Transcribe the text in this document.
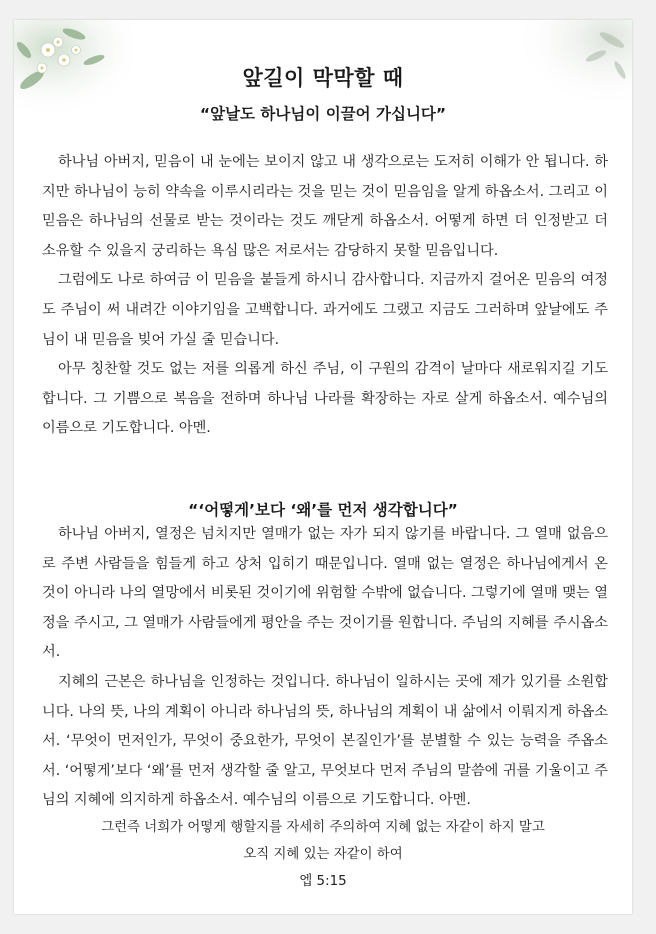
앞길이 막막할 때
“앞날도 하나님이 이끌어 가십니다”

하나님 아버지, 믿음이 내 눈에는 보이지 않고 내 생각으로는 도저히 이해가 안 됩니다. 하지만 하나님이 능히 약속을 이루시리라는 것을 믿는 것이 믿음임을 알게 하옵소서. 그리고 이 믿음은 하나님의 선물로 받는 것이라는 것도 깨닫게 하옵소서. 어떻게 하면 더 인정받고 더 소유할 수 있을지 궁리하는 욕심 많은 저로서는 감당하지 못할 믿음입니다.

그럼에도 나로 하여금 이 믿음을 붙들게 하시니 감사합니다. 지금까지 걸어온 믿음의 여정도 주님이 써 내려간 이야기임을 고백합니다. 과거에도 그랬고 지금도 그러하며 앞날에도 주님이 내 믿음을 빚어 가실 줄 믿습니다.

아무 칭찬할 것도 없는 저를 의롭게 하신 주님, 이 구원의 감격이 날마다 새로워지길 기도합니다. 그 기쁨으로 복음을 전하며 하나님 나라를 확장하는 자로 살게 하옵소서. 예수님의 이름으로 기도합니다. 아멘.

“‘어떻게’보다 ‘왜’를 먼저 생각합니다”

하나님 아버지, 열정은 넘치지만 열매가 없는 자가 되지 않기를 바랍니다. 그 열매 없음으로 주변 사람들을 힘들게 하고 상처 입히기 때문입니다. 열매 없는 열정은 하나님에게서 온 것이 아니라 나의 열망에서 비롯된 것이기에 위험할 수밖에 없습니다. 그렇기에 열매 맺는 열정을 주시고, 그 열매가 사람들에게 평안을 주는 것이기를 원합니다. 주님의 지혜를 주시옵소서.

지혜의 근본은 하나님을 인정하는 것입니다. 하나님이 일하시는 곳에 제가 있기를 소원합니다. 나의 뜻, 나의 계획이 아니라 하나님의 뜻, 하나님의 계획이 내 삶에서 이뤄지게 하옵소서. ‘무엇이 먼저인가, 무엇이 중요한가, 무엇이 본질인가’를 분별할 수 있는 능력을 주옵소서. ‘어떻게’보다 ‘왜’를 먼저 생각할 줄 알고, 무엇보다 먼저 주님의 말씀에 귀를 기울이고 주님의 지혜에 의지하게 하옵소서. 예수님의 이름으로 기도합니다. 아멘.

그런즉 너희가 어떻게 행할지를 자세히 주의하여 지혜 없는 자같이 하지 말고
오직 지혜 있는 자같이 하여
엡 5:15
